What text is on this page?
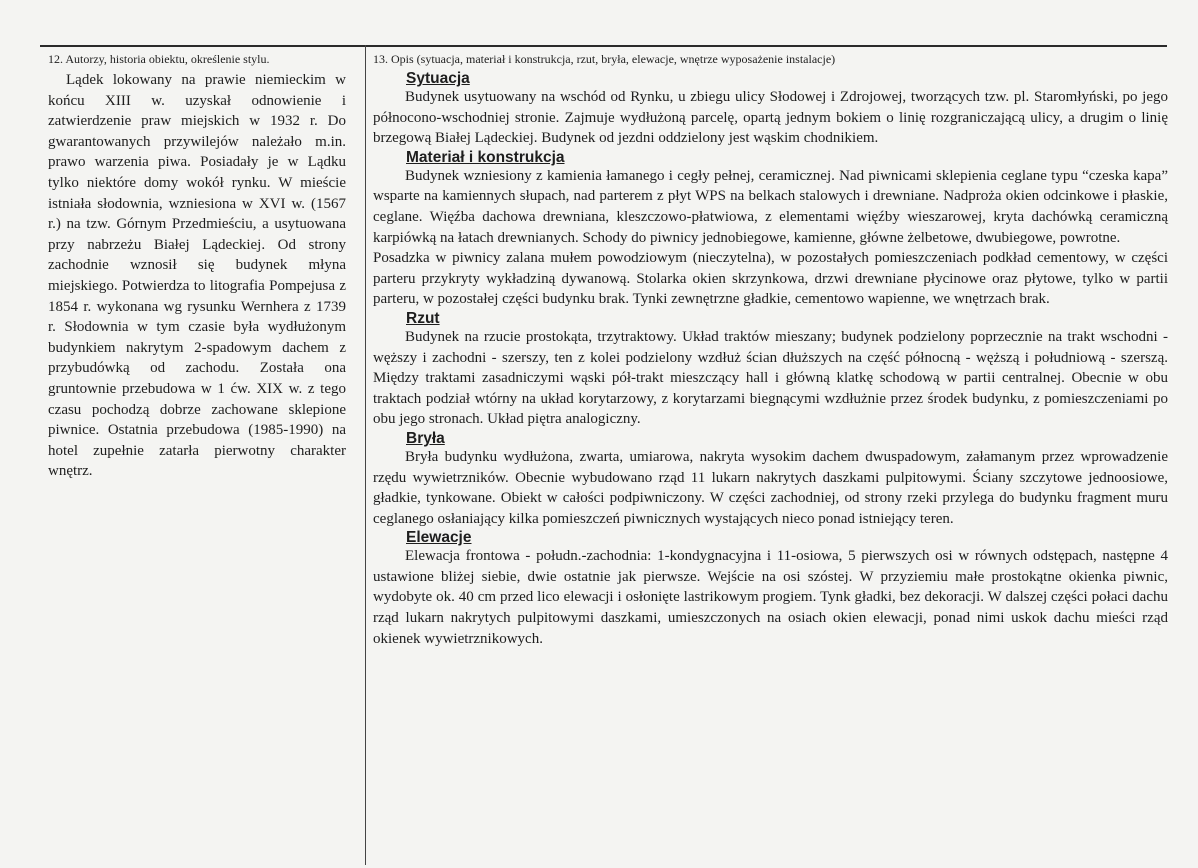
12. Autorzy, historia obiektu, określenie stylu.

Lądek lokowany na prawie niemieckim w końcu XIII w. uzyskał odnowienie i zatwierdzenie praw miejskich w 1932 r. Do gwarantowanych przywilejów należało m.in. prawo warzenia piwa. Posiadały je w Lądku tylko niektóre domy wokół rynku. W mieście istniała słodownia, wzniesiona w XVI w. (1567 r.) na tzw. Górnym Przedmieściu, a usytuowana przy nabrzeżu Białej Lądeckiej. Od strony zachodnie wznosił się budynek młyna miejskiego. Potwierdza to litografia Pompejusa z 1854 r. wykonana wg rysunku Wernhera z 1739 r. Słodownia w tym czasie była wydłużonym budynkiem nakrytym 2-spadowym dachem z przybudówką od zachodu. Została ona gruntownie przebudowa w 1 ćw. XIX w. z tego czasu pochodzą dobrze zachowane sklepione piwnice. Ostatnia przebudowa (1985-1990) na hotel zupełnie zatarła pierwotny charakter wnętrz.

13. Opis (sytuacja, materiał i konstrukcja, rzut, bryła, elewacje, wnętrze wyposażenie instalacje)

Sytuacja

Budynek usytuowany na wschód od Rynku, u zbiegu ulicy Słodowej i Zdrojowej, tworzących tzw. pl. Staromłyński, po jego północono-wschodniej stronie. Zajmuje wydłużoną parcelę, opartą jednym bokiem o linię rozgraniczającą ulicy, a drugim o linię brzegową Białej Lądeckiej. Budynek od jezdni oddzielony jest wąskim chodnikiem.

Materiał i konstrukcja

Budynek wzniesiony z kamienia łamanego i cegły pełnej, ceramicznej. Nad piwnicami sklepienia ceglane typu “czeska kapa” wsparte na kamiennych słupach, nad parterem z płyt WPS na belkach stalowych i drewniane. Nadproża okien odcinkowe i płaskie, ceglane. Więźba dachowa drewniana, kleszczowo-płatwiowa, z elementami więźby wieszarowej, kryta dachówką ceramiczną karpiówką na łatach drewnianych. Schody do piwnicy jednobiegowe, kamienne, główne żelbetowe, dwubiegowe, powrotne.

Posadzka w piwnicy zalana mułem powodziowym (nieczytelna), w pozostałych pomieszczeniach podkład cementowy, w części parteru przykryty wykładziną dywanową. Stolarka okien skrzynkowa, drzwi drewniane płycinowe oraz płytowe, tylko w partii parteru, w pozostałej części budynku brak. Tynki zewnętrzne gładkie, cementowo wapienne, we wnętrzach brak.

Rzut

Budynek na rzucie prostokąta, trzytraktowy. Układ traktów mieszany; budynek podzielony poprzecznie na trakt wschodni - węższy i zachodni - szerszy, ten z kolei podzielony wzdłuż ścian dłuższych na część północną - węższą i południową - szerszą. Między traktami zasadniczymi wąski pół-trakt mieszczący hall i główną klatkę schodową w partii centralnej. Obecnie w obu traktach podział wtórny na układ korytarzowy, z korytarzami biegnącymi wzdłużnie przez środek budynku, z pomieszczeniami po obu jego stronach. Układ piętra analogiczny.

Bryła

Bryła budynku wydłużona, zwarta, umiarowa, nakryta wysokim dachem dwuspadowym, załamanym przez wprowadzenie rzędu wywietrzników. Obecnie wybudowano rząd 11 lukarn nakrytych daszkami pulpitowymi. Ściany szczytowe jednoosiowe, gładkie, tynkowane. Obiekt w całości podpiwniczony. W części zachodniej, od strony rzeki przylega do budynku fragment muru ceglanego osłaniający kilka pomieszczeń piwnicznych wystających nieco ponad istniejący teren.

Elewacje

Elewacja frontowa - połudn.-zachodnia: 1-kondygnacyjna i 11-osiowa, 5 pierwszych osi w równych odstępach, następne 4 ustawione bliżej siebie, dwie ostatnie jak pierwsze. Wejście na osi szóstej. W przyziemiu małe prostokątne okienka piwnic, wydobyte ok. 40 cm przed lico elewacji i osłonięte lastrikowym progiem. Tynk gładki, bez dekoracji. W dalszej części połaci dachu rząd lukarn nakrytych pulpitowymi daszkami, umieszczonych na osiach okien elewacji, ponad nimi uskok dachu mieści rząd okienek wywietrznikowych.
